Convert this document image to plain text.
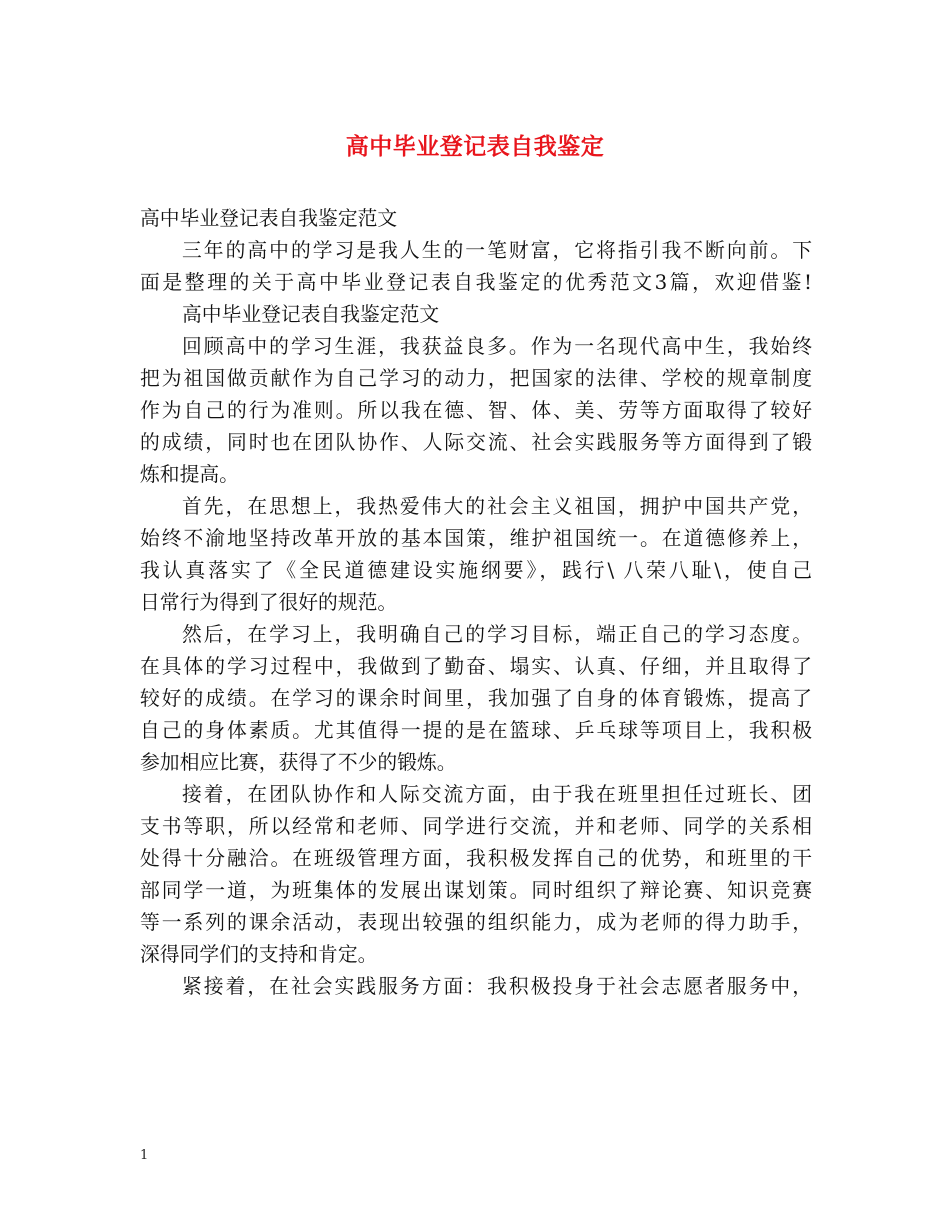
高中毕业登记表自我鉴定
高中毕业登记表自我鉴定范文
三年的高中的学习是我人生的一笔财富，它将指引我不断向前。下
面是整理的关于高中毕业登记表自我鉴定的优秀范文3篇，欢迎借鉴!
高中毕业登记表自我鉴定范文
回顾高中的学习生涯，我获益良多。作为一名现代高中生，我始终
把为祖国做贡献作为自己学习的动力，把国家的法律、学校的规章制度
作为自己的行为准则。所以我在德、智、体、美、劳等方面取得了较好
的成绩，同时也在团队协作、人际交流、社会实践服务等方面得到了锻
炼和提高。
首先，在思想上，我热爱伟大的社会主义祖国，拥护中国共产党，
始终不渝地坚持改革开放的基本国策，维护祖国统一。在道德修养上，
我认真落实了《全民道德建设实施纲要》，践行\ 八荣八耻\，使自己
日常行为得到了很好的规范。
然后，在学习上，我明确自己的学习目标，端正自己的学习态度。
在具体的学习过程中，我做到了勤奋、塌实、认真、仔细，并且取得了
较好的成绩。在学习的课余时间里，我加强了自身的体育锻炼，提高了
自己的身体素质。尤其值得一提的是在篮球、乒乓球等项目上，我积极
参加相应比赛，获得了不少的锻炼。
接着，在团队协作和人际交流方面，由于我在班里担任过班长、团
支书等职，所以经常和老师、同学进行交流，并和老师、同学的关系相
处得十分融洽。在班级管理方面，我积极发挥自己的优势，和班里的干
部同学一道，为班集体的发展出谋划策。同时组织了辩论赛、知识竞赛
等一系列的课余活动，表现出较强的组织能力，成为老师的得力助手，
深得同学们的支持和肯定。
紧接着，在社会实践服务方面：我积极投身于社会志愿者服务中，
1
